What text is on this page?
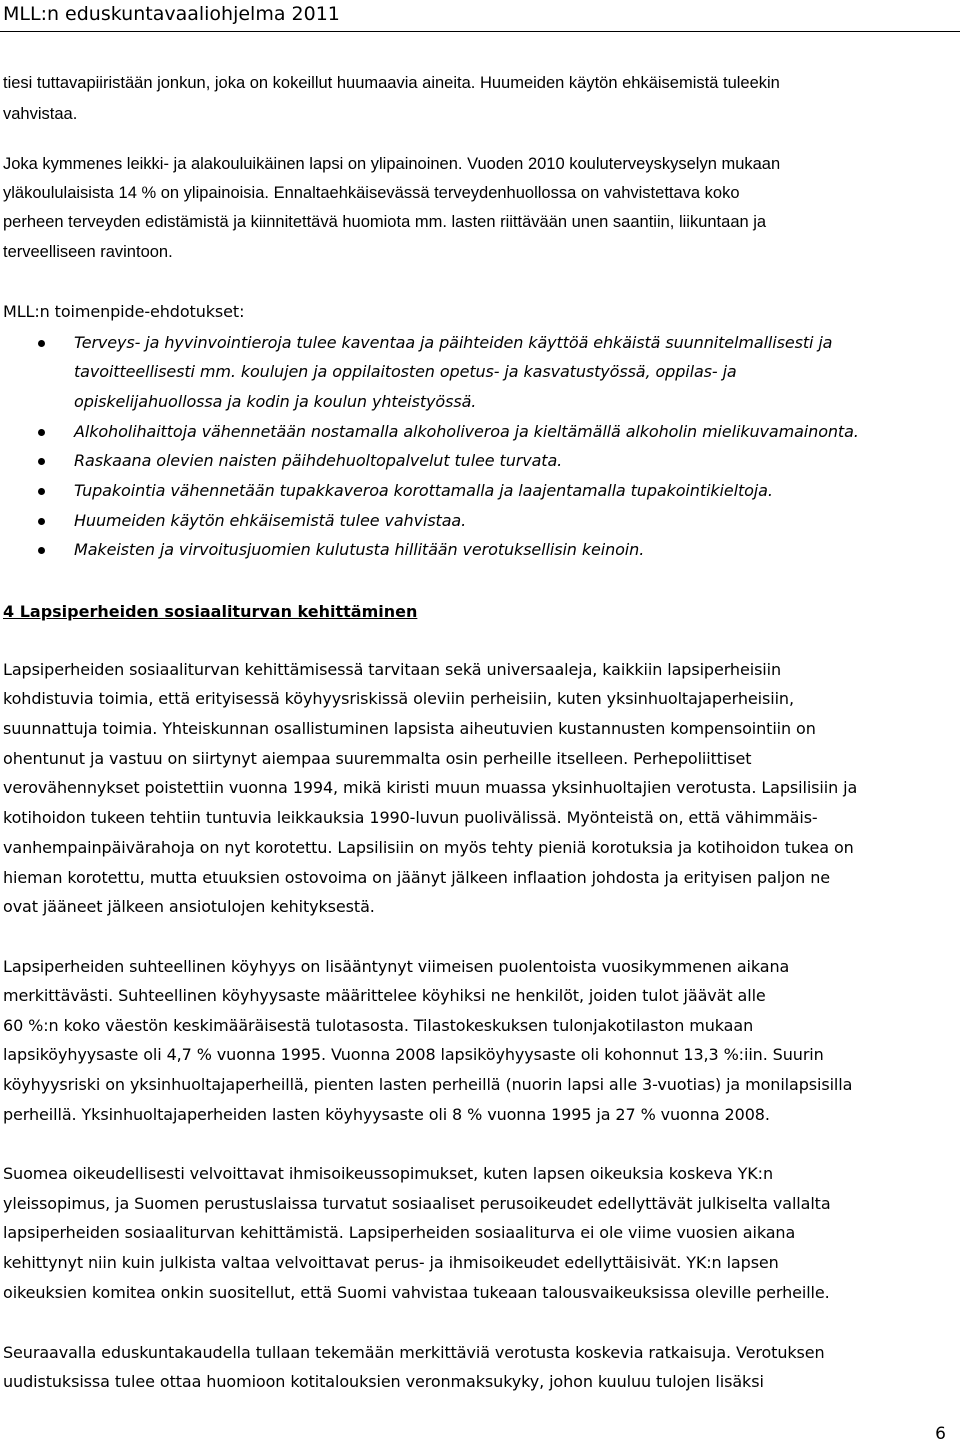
MLL:n eduskuntavaaliohjelma 2011
tiesi tuttavapiiristään jonkun, joka on kokeillut huumaavia aineita. Huumeiden käytön ehkäisemistä tuleekin
vahvistaa.
Joka kymmenes leikki- ja alakouluikäinen lapsi on ylipainoinen. Vuoden 2010 kouluterveyskyselyn mukaan
yläkoululaisista 14 % on ylipainoisia. Ennaltaehkäisevässä terveydenhuollossa on vahvistettava koko
perheen terveyden edistämistä ja kiinnitettävä huomiota mm. lasten riittävään unen saantiin, liikuntaan ja
terveelliseen ravintoon.
MLL:n toimenpide-ehdotukset:
Terveys- ja hyvinvointieroja tulee kaventaa ja päihteiden käyttöä ehkäistä suunnitelmallisesti ja
tavoitteellisesti mm. koulujen ja oppilaitosten opetus- ja kasvatustyössä, oppilas- ja
opiskelijahuollossa ja kodin ja koulun yhteistyössä.
Alkoholihaittoja vähennetään nostamalla alkoholiveroa ja kieltämällä alkoholin mielikuvamainonta.
Raskaana olevien naisten päihdehuoltopalvelut tulee turvata.
Tupakointia vähennetään tupakkaveroa korottamalla ja laajentamalla tupakointikieltoja.
Huumeiden käytön ehkäisemistä tulee vahvistaa.
Makeisten ja virvoitusjuomien kulutusta hillitään verotuksellisin keinoin.
4 Lapsiperheiden sosiaaliturvan kehittäminen
Lapsiperheiden sosiaaliturvan kehittämisessä tarvitaan sekä universaaleja, kaikkiin lapsiperheisiin
kohdistuvia toimia, että erityisessä köyhyysriskissä oleviin perheisiin, kuten yksinhuoltajaperheisiin,
suunnattuja toimia. Yhteiskunnan osallistuminen lapsista aiheutuvien kustannusten kompensointiin on
ohentunut ja vastuu on siirtynyt aiempaa suuremmalta osin perheille itselleen. Perhepoliittiset
verovähennykset poistettiin vuonna 1994, mikä kiristi muun muassa yksinhuoltajien verotusta. Lapsilisiin ja
kotihoidon tukeen tehtiin tuntuvia leikkauksia 1990-luvun puolivälissä. Myönteistä on, että vähimmäis-
vanhempainpäivärahoja on nyt korotettu. Lapsilisiin on myös tehty pieniä korotuksia ja kotihoidon tukea on
hieman korotettu, mutta etuuksien ostovoima on jäänyt jälkeen inflaation johdosta ja erityisen paljon ne
ovat jääneet jälkeen ansiotulojen kehityksestä.
Lapsiperheiden suhteellinen köyhyys on lisääntynyt viimeisen puolentoista vuosikymmenen aikana
merkittävästi. Suhteellinen köyhyysaste määrittelee köyhiksi ne henkilöt, joiden tulot jäävät alle
60 %:n koko väestön keskimääräisestä tulotasosta. Tilastokeskuksen tulonjakotilaston mukaan
lapsiköyhyysaste oli 4,7 % vuonna 1995. Vuonna 2008 lapsiköyhyysaste oli kohonnut 13,3 %:iin. Suurin
köyhyysriski on yksinhuoltajaperheillä, pienten lasten perheillä (nuorin lapsi alle 3-vuotias) ja monilapsisilla
perheillä. Yksinhuoltajaperheiden lasten köyhyysaste oli 8 % vuonna 1995 ja 27 % vuonna 2008.
Suomea oikeudellisesti velvoittavat ihmisoikeussopimukset, kuten lapsen oikeuksia koskeva YK:n
yleissopimus, ja Suomen perustuslaissa turvatut sosiaaliset perusoikeudet edellyttävät julkiselta vallalta
lapsiperheiden sosiaaliturvan kehittämistä. Lapsiperheiden sosiaaliturva ei ole viime vuosien aikana
kehittynyt niin kuin julkista valtaa velvoittavat perus- ja ihmisoikeudet edellyttäisivät. YK:n lapsen
oikeuksien komitea onkin suositellut, että Suomi vahvistaa tukeaan talousvaikeuksissa oleville perheille.
Seuraavalla eduskuntakaudella tullaan tekemään merkittäviä verotusta koskevia ratkaisuja. Verotuksen
uudistuksissa tulee ottaa huomioon kotitalouksien veronmaksukyky, johon kuuluu tulojen lisäksi
6
